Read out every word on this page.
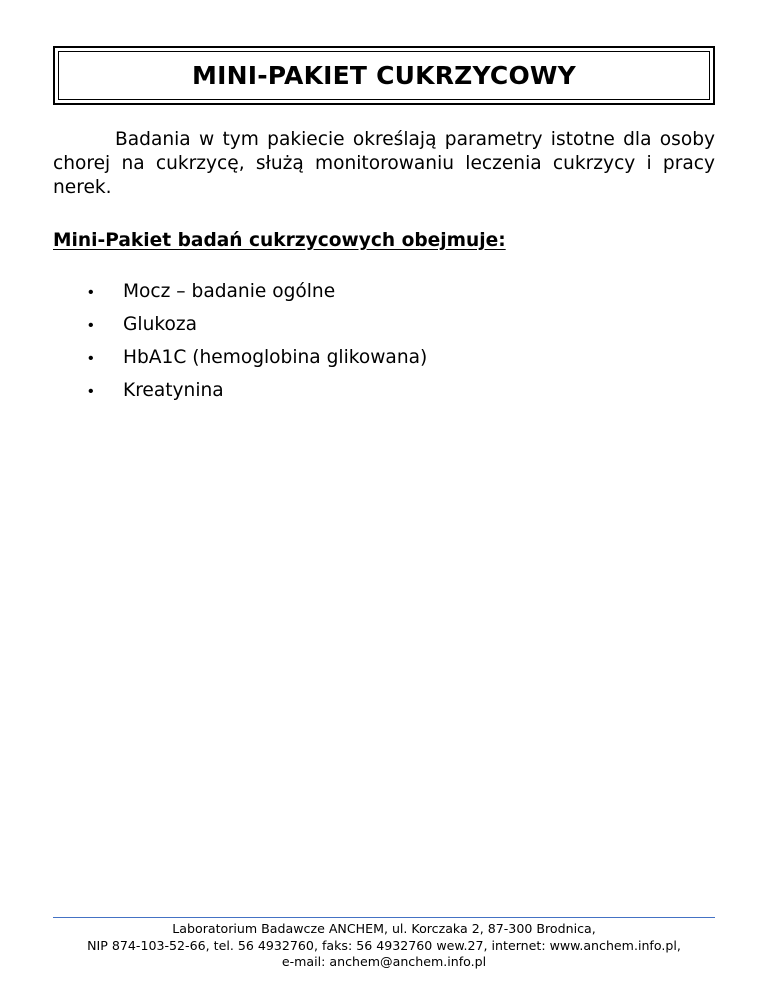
MINI-PAKIET CUKRZYCOWY

Badania w tym pakiecie określają parametry istotne dla osoby chorej na cukrzycę, służą monitorowaniu leczenia cukrzycy i pracy nerek.

Mini-Pakiet badań cukrzycowych obejmuje:
•	Mocz – badanie ogólne
•	Glukoza
•	HbA1C (hemoglobina glikowana)
•	Kreatynina
Laboratorium Badawcze ANCHEM, ul. Korczaka 2, 87-300 Brodnica,
NIP 874-103-52-66, tel. 56 4932760, faks: 56 4932760 wew.27, internet: www.anchem.info.pl,
e-mail: anchem@anchem.info.pl
